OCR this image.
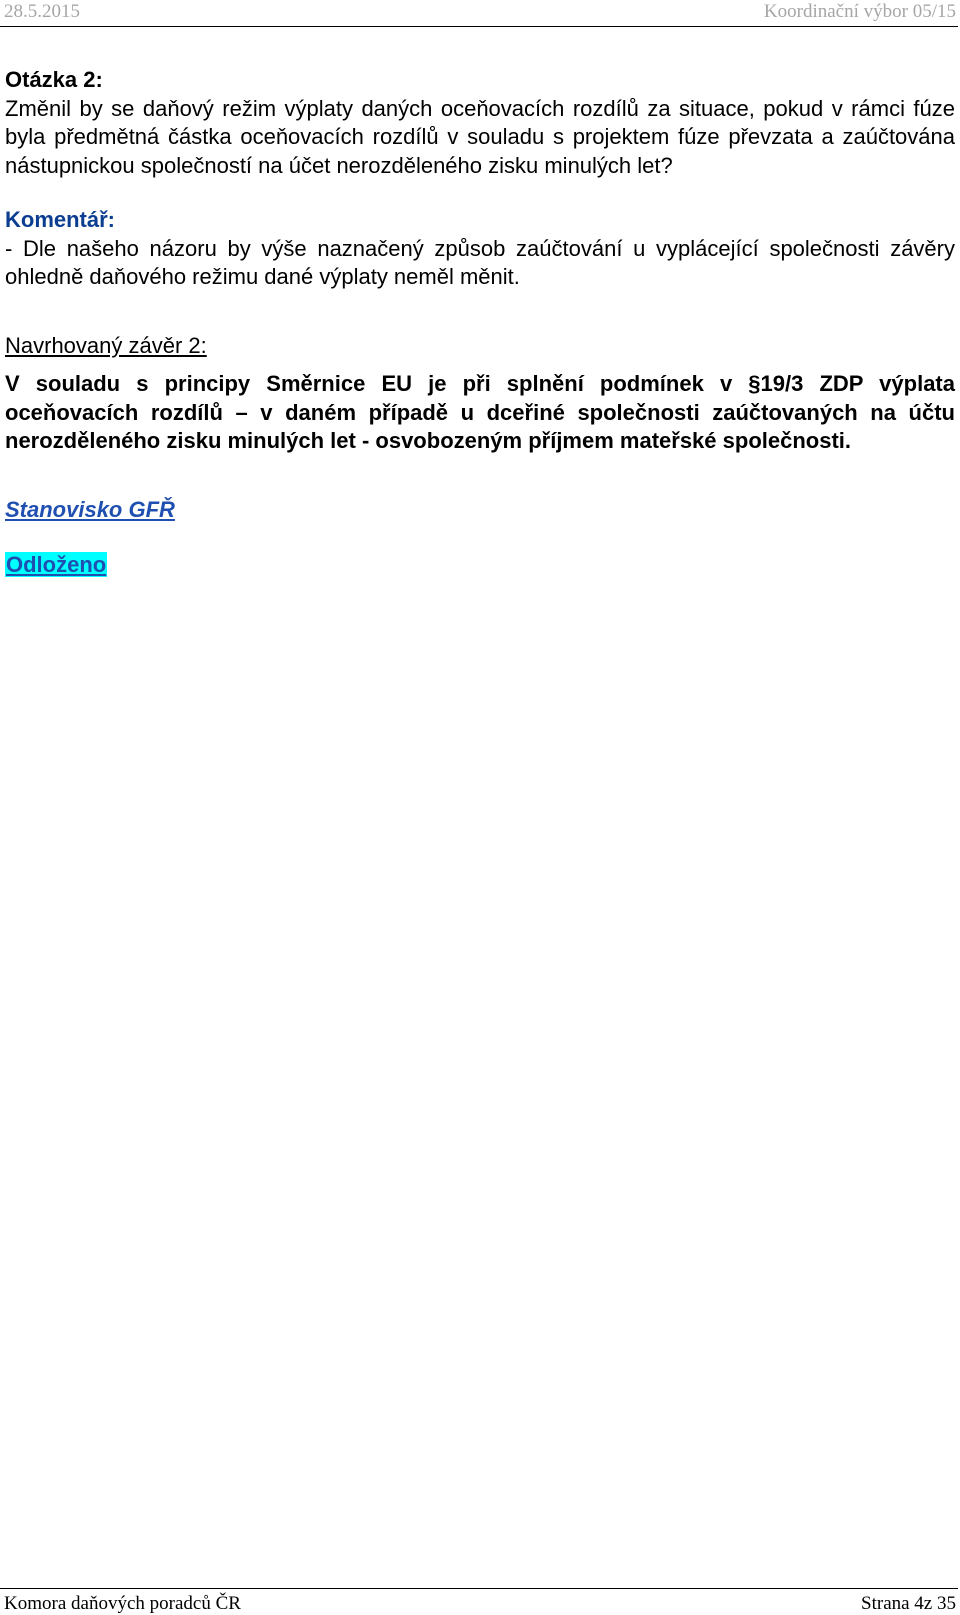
28.5.2015	Koordinační výbor 05/15

Otázka 2:

Změnil by se daňový režim výplaty daných oceňovacích rozdílů za situace, pokud v rámci fúze byla předmětná částka oceňovacích rozdílů v souladu s projektem fúze převzata a zaúčtována nástupnickou společností na účet nerozděleného zisku minulých let?

Komentář:

- Dle našeho názoru by výše naznačený způsob zaúčtování u vyplácející společnosti závěry ohledně daňového režimu dané výplaty neměl měnit.

Navrhovaný závěr 2:

V souladu s principy Směrnice EU je při splnění podmínek v §19/3 ZDP výplata oceňovacích rozdílů – v daném případě u dceřiné společnosti zaúčtovaných na účtu nerozděleného zisku minulých let - osvobozeným příjmem mateřské společnosti.

Stanovisko GFŘ

Odloženo

Komora daňových poradců ČR	Strana 4z 35
